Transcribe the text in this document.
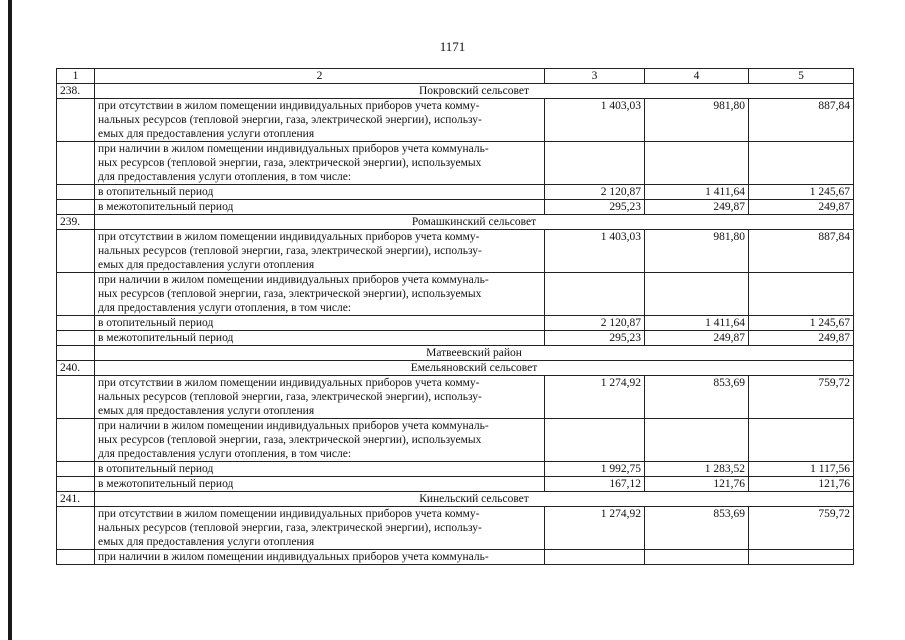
1171
1	2	3	4	5
238.	Покровский сельсовет			

	при отсутствии в жилом помещении индивидуальных приборов учета комму-
нальных ресурсов (тепловой энергии, газа, электрической энергии), использу-
емых для предоставления услуги отопления	1 403,03	981,80	887,84

	при наличии в жилом помещении индивидуальных приборов учета коммуналь-
ных ресурсов (тепловой энергии, газа, электрической энергии), используемых
для предоставления услуги отопления, в том числе:			

	в отопительный период	2 120,87	1 411,64	1 245,67

	в межотопительный период	295,23	249,87	249,87
239.	Ромашкинский сельсовет			

	при отсутствии в жилом помещении индивидуальных приборов учета комму-
нальных ресурсов (тепловой энергии, газа, электрической энергии), использу-
емых для предоставления услуги отопления	1 403,03	981,80	887,84

	при наличии в жилом помещении индивидуальных приборов учета коммуналь-
ных ресурсов (тепловой энергии, газа, электрической энергии), используемых
для предоставления услуги отопления, в том числе:			

	в отопительный период	2 120,87	1 411,64	1 245,67

	в межотопительный период	295,23	249,87	249,87
	Матвеевский район			
240.	Емельяновский сельсовет			

	при отсутствии в жилом помещении индивидуальных приборов учета комму-
нальных ресурсов (тепловой энергии, газа, электрической энергии), использу-
емых для предоставления услуги отопления	1 274,92	853,69	759,72

	при наличии в жилом помещении индивидуальных приборов учета коммуналь-
ных ресурсов (тепловой энергии, газа, электрической энергии), используемых
для предоставления услуги отопления, в том числе:			

	в отопительный период	1 992,75	1 283,52	1 117,56

	в межотопительный период	167,12	121,76	121,76
241.	Кинельский сельсовет			

	при отсутствии в жилом помещении индивидуальных приборов учета комму-
нальных ресурсов (тепловой энергии, газа, электрической энергии), использу-
емых для предоставления услуги отопления	1 274,92	853,69	759,72

	при наличии в жилом помещении индивидуальных приборов учета коммуналь-			
